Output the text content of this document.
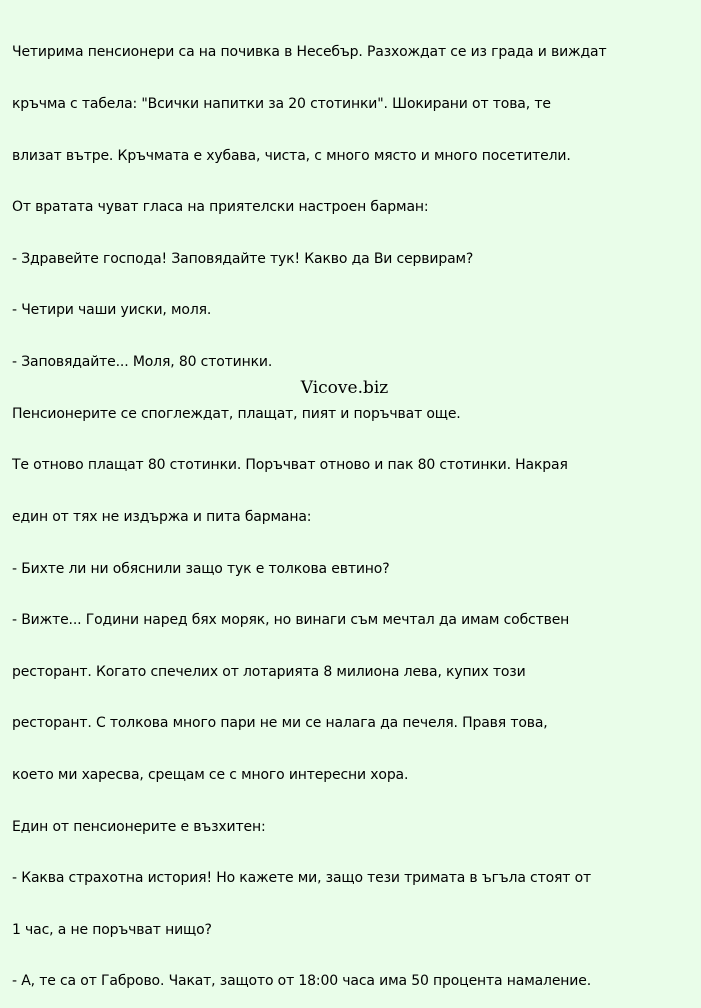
Четирима пенсионери са на почивка в Несебър. Разхождат се из града и виждат

кръчма с табела: "Всички напитки за 20 стотинки". Шокирани от това, те

влизат вътре. Кръчмата е хубава, чиста, с много място и много посетители.

От вратата чуват гласа на приятелски настроен барман:

- Здравейте господа! Заповядайте тук! Какво да Ви сервирам?

- Четири чаши уиски, моля.

- Заповядайте... Моля, 80 стотинки.

Пенсионерите се споглеждат, плащат, пият и поръчват още.

Те отново плащат 80 стотинки. Поръчват отново и пак 80 стотинки. Накрая

един от тях не издържа и пита бармана:

- Бихте ли ни обяснили защо тук е толкова евтино?

- Вижте... Години наред бях моряк, но винаги съм мечтал да имам собствен

ресторант. Когато спечелих от лотарията 8 милиона лева, купих този

ресторант. С толкова много пари не ми се налага да печеля. Правя това,

което ми харесва, срещам се с много интересни хора.

Един от пенсионерите е възхитен:

- Каква страхотна история! Но кажете ми, защо тези тримата в ъгъла стоят от

1 час, а не поръчват нищо?

- А, те са от Габрово. Чакат, защото от 18:00 часа има 50 процента намаление.

Vicove.biz
